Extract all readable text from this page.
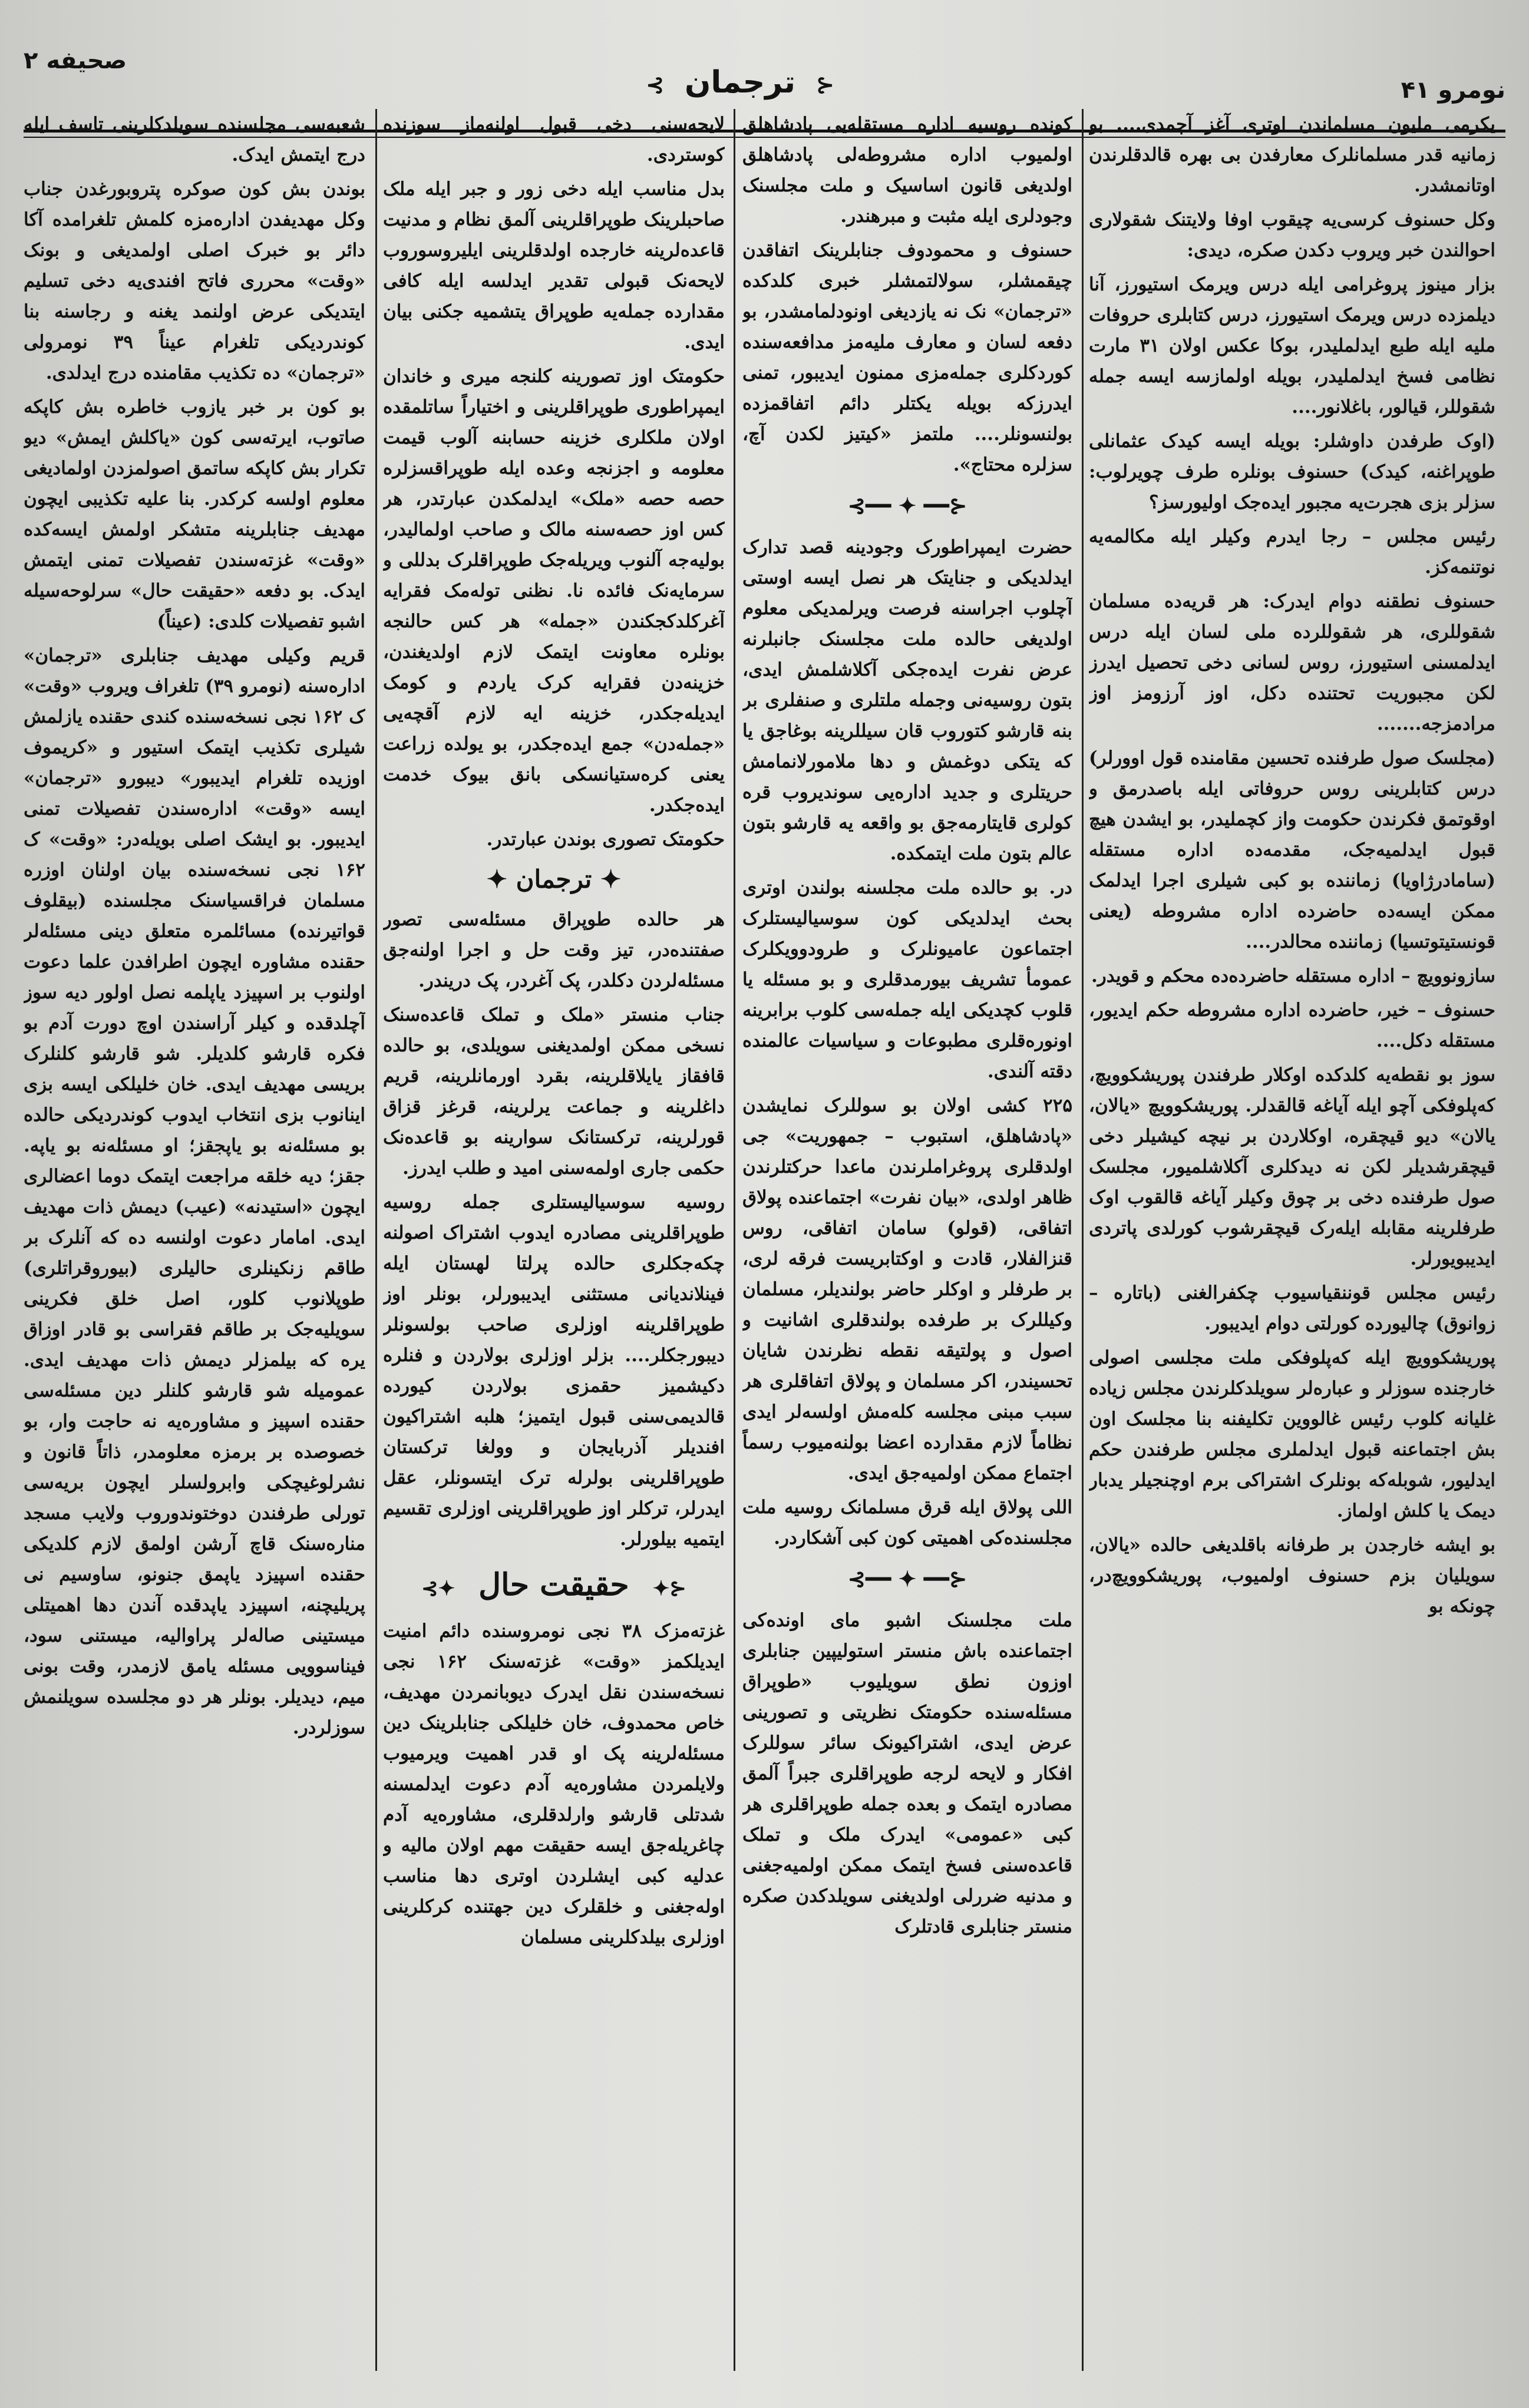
صحیفه ۲
⊰ ترجمان ⊱	نومرو ۴۱

یکرمی ملیون مسلماندن اوتری آغز آچمدی.... بو زمانیه قدر مسلمانلرک معارفدن بی بهره قالدقلرندن اوتانمشدر.

وکل حسنوف کرسی‌یه چیقوب اوفا ولایتنک شقولاری احوالندن خبر ویروب دکدن صکره، دیدی:

بزار مینوز پروغرامی ایله درس ویرمک استیورز، آنا دیلمزده درس ویرمک استیورز، درس کتابلری حروفات ملیه ایله طبع ایدلملیدر، بوکا عکس اولان ۳۱ مارت نظامی فسخ ایدلملیدر، بویله اولمازسه ایسه جمله شقوللر، قیالور، باغلانور....

(اوک طرفدن داوشلر: بویله ایسه کیدک عثمانلی طوپراغنه، کیدک) حسنوف بونلره طرف چویرلوب: سزلر بزی هجرت‌یه مجبور ایدەجک اولیورسز؟

رئیس مجلس – رجا ایدرم وکیلر ایله مکالمه‌یه نوتنمه‌کز.

حسنوف نطقنه دوام ایدرک: هر قریه‌ده مسلمان شقوللری، هر شقوللرده ملی لسان ایله درس ایدلمسنی استیورز، روس لسانی دخی تحصیل ایدرز لکن مجبوریت تحتنده دکل، اوز آرزومز اوز مرادمزجه.......

(مجلسک صول طرفنده تحسین مقامنده قول اوورلر) درس کتابلرینی روس حروفاتی ایله باصدرمق و اوقوتمق فکرندن حکومت واز کچملیدر، بو ایشدن هیچ قبول ایدلمیه‌جک، مقدمه‌ده اداره مستقله (سامادرژاویا) زماننده بو کبی شیلری اجرا ایدلمک ممکن ایسه‌ده حاضرده اداره مشروطه (یعنی قونستیتوتسیا) زماننده محالدر....

سازونوویچ – اداره مستقله حاضرده‌ده محکم و قویدر.

حسنوف – خیر، حاضرده اداره مشروطه حکم ایدیور، مستقله دکل....

سوز بو نقطه‌یه کلدکده اوکلار طرفندن پوریشکوویچ، که‌پلوفکی آچو ایله آیاغه قالقدلر. پوریشکوویچ «یالان، یالان» دیو قیچقره، اوکلاردن بر نیچه کیشیلر دخی قیچقرشدیلر لکن نه دیدکلری آکلاشلمیور، مجلسک صول طرفنده دخی بر چوق وکیلر آیاغه قالقوب اوک طرفلرینه مقابله ایله‌رک قیچقرشوب کورلدی پاتردی ایدیبویورلر.

رئیس مجلس قوننقیاسیوب چکفرالغنی (باتاره – زوانوق) چالیورده کورلتی دوام ایدیبور.

پوریشکوویچ ایله که‌پلوفکی ملت مجلسی اصولی خارجنده سوزلر و عبارەلر سویلدکلرندن مجلس زیاده غلیانه کلوب رئیس غالووین تکلیفنه بنا مجلسک اون بش اجتماعنه قبول ایدلملری مجلس طرفندن حکم ایدلیور، شوبلەکه بونلرک اشتراکی برم اوچنجیلر یدبار دیمک یا کلش اولماز.

بو ایشه خارجدن بر طرفانه باقلدیغی حالده «یالان، سویلیان بزم حسنوف اولمیوب، پوریشکوویچ‌در، چونکه بو

کونده روسیه اداره مستقله‌یی پادشاهلق اولمیوب اداره مشروطه‌لی پادشاهلق اولدیغی قانون اساسیک و ملت مجلسنک وجودلری ایله مثبت و مبرهندر.

حسنوف و محمودوف جنابلرینک اتفاقدن چیقمشلر، سولالتمشلر خبری کلدکده «ترجمان» نک نه یازدیغی اونودلمامشدر، بو دفعه لسان و معارف ملیه‌مز مدافعه‌سنده کوردکلری جملەمزی ممنون ایدیبور، تمنی ایدرزکه بویله یکتلر دائم اتفاقمزده بولنسونلر.... ملتمز «کیتیز لکدن آچ، سزلره محتاج».

⊰━━ ✦ ━━⊱

حضرت ایمپراطورک وجودینه قصد تدارک ایدلدیکی و جنایتک هر نصل ایسه اوستی آچلوب اجراسنه فرصت ویرلمدیکی معلوم اولدیغی حالده ملت مجلسنک جانبلرنه عرض نفرت ایده‌جکی آکلاشلمش ایدی، بتون روسیه‌نی وجمله ملتلری و صنفلری بر بنه قارشو کتوروب قان سیللرینه بوغاجق یا که یتکی دوغمش و دها ملامورلانمامش حریتلری و جدید اداره‌یی سوندیروب قره کولری قایتارمه‌جق بو واقعه یه قارشو بتون عالم بتون ملت ایتمکده.

در. بو حالده ملت مجلسنه بولندن اوتری بحث ایدلدیکی کون سوسیالیستلرک اجتماعون عامیونلرک و طرودوویکلرک عمومأ تشریف بیورمدقلری و بو مسئله یا قلوب کچدیکی ایله جملەسی کلوب برابرینه اونورەقلری مطبوعات و سیاسیات عالمنده دقته آلندی.

۲۲۵ کشی اولان بو سوللرک نمایشدن «پادشاهلق، استبوب – جمهوریت» جی اولدقلری پروغراملرندن ماعدا حرکتلرندن ظاهر اولدی، «بیان نفرت» اجتماعنده پولاق اتفاقی، (قولو) سامان اتفاقی، روس قنزالفلار، قادت و اوکتابریست فرقه لری، بر طرفلر و اوکلر حاضر بولندیلر، مسلمان وکیللرک بر طرفده بولندقلری اشانیت و اصول و پولتیقه نقطه نظرندن شایان تحسیندر، اکر مسلمان و پولاق اتفاقلری هر سبب مبنی مجلسه کله‌مش اولسه‌لر ایدی نظاماً لازم مقدارده اعضا بولنه‌میوب رسماً اجتماع ممکن اولمیه‌جق ایدی.

اللی پولاق ایله قرق مسلمانک روسیه ملت مجلسنده‌کی اهمیتی کون کبی آشکاردر.

⊰━━ ✦ ━━⊱

ملت مجلسنک اشبو مای اونده‌کی اجتماعنده باش منستر استولیپین جنابلری اوزون نطق سویلیوب «طوپراق مسئله‌سنده حکومتک نظریتی و تصورینی عرض ایدی، اشتراکیونک سائر سوللرک افکار و لایحه لرجه طوپراقلری جبراً آلمق مصادره ایتمک و بعده جمله طوپراقلری هر کبی «عمومی» ایدرک ملک و تملک قاعده‌سنی فسخ ایتمک ممکن اولمیه‌جغنی و مدنیه ضررلی اولدیغنی سویلدکدن صکره منستر جنابلری قادتلرک

لایحەسنی دخی قبول اولنه‌ماز سوزنده کوستردی.

بدل مناسب ایله دخی زور و جبر ایله ملک صاحبلرینک طوپراقلرینی آلمق نظام و مدنیت قاعده‌لرینه خارجده اولدقلرینی ایلیروسوروب لایحەنک قبولی تقدیر ایدلسه ایله کافی مقدارده جملەیه طوپراق یتشمیه جکنی بیان ایدی.

حکومتک اوز تصورینه کلنجه میری و خاندان ایمپراطوری طوپراقلرینی و اختیاراً ساتلمقده اولان ملکلری خزینه حسابنه آلوب قیمت معلومه و اجزنجه وعده ایله طوپراقسزلره حصه حصه «ملک» ایدلمکدن عبارتدر، هر کس اوز حصه‌سنه مالک و صاحب اولمالیدر، بولیه‌جه آلنوب ویریلەجک طوپراقلرک بدللی و سرمایەنک فائده نا. نظنی تولەمک فقرایه آغرکلدکجکندن «جمله» هر کس حالنجه بونلره معاونت ایتمک لازم اولدیغندن، خزینه‌دن فقرایه کرک یاردم و کومک ایدیلەجکدر، خزینه ایه لازم آقچەیی «جملەدن» جمع ایدەجکدر، بو یولده زراعت یعنی کرەستیانسکی بانق بیوک خدمت ایدەجکدر.

حکومتک تصوری بوندن عبارتدر.

✦ ترجمان ✦

هر حالده طوپراق مسئلەسی تصور صفتنده‌در، تیز وقت حل و اجرا اولنه‌جق مسئلەلردن دکلدر، پک آغردر، پک دریندر.

جناب منستر «ملک و تملک قاعده‌سنک نسخی ممکن اولمدیغنی سویلدی، بو حالده قافقاز یایلاقلرینه، بقرد اورمانلرینه، قریم داغلرینه و جماعت یرلرینه، قرغز قزاق قورلرینه، ترکستانک سوارینه بو قاعدەنک حکمی جاری اولمه‌سنی امید و طلب ایدرز.

روسیه سوسیالیستلری جمله روسیه طوپراقلرینی مصادره ایدوب اشتراک اصولنه چکەجکلری حالده پرلتا لهستان ایله فینلاندیانی مستثنی ایدیبورلر، بونلر اوز طوپراقلرینه اوزلری صاحب بولسونلر دیبورجکلر.... بزلر اوزلری بولاردن و فنلره دکیشمیز حقمزی بولاردن کیورده قالدیمی‌سنی قبول ایتمیز؛ هلبه اشتراکیون افندیلر آذربایجان و وولغا ترکستان طوپراقلرینی بولرله ترک ایتسونلر، عقل ایدرلر، ترکلر اوز طوپراقلرینی اوزلری تقسیم ایتمیه بیلورلر.

⊰✦ حقیقت حال ✦⊱

غزتەمزک ۳۸ نجی نومروسنده دائم امنیت ایدیلکمز «وقت» غزتەسنک ۱۶۲ نجی نسخەسندن نقل ایدرک دیوبانمردن مهدیف، خاص محمدوف، خان خلیلکی جنابلرینک دین مسئله‌لرینه پک او قدر اهمیت ویرمیوب ولایلمردن مشاورەیه آدم دعوت ایدلمسنه شدتلی قارشو وارلدقلری، مشاورەیه آدم چاغریلەجق ایسه حقیقت مهم اولان مالیه و عدلیه کبی ایشلردن اوتری دها مناسب اولەجغنی و خلقلرک دین جهتنده کرکلرینی اوزلری بیلدکلرینی مسلمان

شعبه‌سی مجلسنده سویلدکلرینی تاسف ایله درج ایتمش ایدک.

بوندن بش کون صوکره پتروبورغدن جناب وکل مهدیفدن ادارەمزه کلمش تلغرامده آکا دائر بو خبرک اصلی اولمدیغی و بونک «وقت» محرری فاتح افندی‌یه دخی تسلیم ایتدیکی عرض اولنمد یغنه و رجاسنه بنا کوندردیکی تلغرام عیناً ۳۹ نومرولی «ترجمان» ده تکذیب مقامنده درج ایدلدی.

بو کون بر خبر یازوب خاطره بش کاپکه صاتوب، ایرتەسی کون «یاکلش ایمش» دیو تکرار بش کاپکه ساتمق اصولمزدن اولمادیغی معلوم اولسه کرکدر. بنا علیه تکذیبی ایچون مهدیف جنابلرینه متشکر اولمش ایسەکده «وقت» غزتەسندن تفصیلات تمنی ایتمش ایدک. بو دفعه «حقیقت حال» سرلوحەسیله اشبو تفصیلات کلدی: (عیناً)

قریم وکیلی مهدیف جنابلری «ترجمان» ادارەسنه (نومرو ۳۹) تلغراف ویروب «وقت» ک ۱۶۲ نجی نسخەسنده کندی حقنده یازلمش شیلری تکذیب ایتمک استیور و «کریموف اوزیده تلغرام ایدیبور» دیبورو «ترجمان» ایسه «وقت» ادارەسندن تفصیلات تمنی ایدیبور. بو ایشک اصلی بویله‌در: «وقت» ک ۱۶۲ نجی نسخەسنده بیان اولنان اوزره مسلمان فراقسیاسنک مجلسنده (بیقلوف قواتیرنده) مسائلمره متعلق دینی مسئلەلر حقنده مشاوره ایچون اطرافدن علما دعوت اولنوب بر اسپیزد یاپلمه نصل اولور دیه سوز آچلدقده و کیلر آراسندن اوچ دورت آدم بو فکره قارشو کلدیلر. شو قارشو کلنلرک بریسی مهدیف ایدی. خان خلیلکی ایسه بزی اینانوب بزی انتخاب ایدوب کوندردیکی حالده بو مسئلەنه بو یاپجقز؛ او مسئلەنه بو یاپه. جقز؛ دیه خلقه مراجعت ایتمک دوما اعضالری ایچون «استیدنه» (عیب) دیمش ذات مهدیف ایدی. امامار دعوت اولنسه ده که آنلرک بر طاقم زنکینلری حالیلری (بیوروقراتلری) طوپلانوب کلور، اصل خلق فکرینی سویلیەجک بر طاقم فقراسی بو قادر اوزاق یره که بیلمزلر دیمش ذات مهدیف ایدی. عمومیله شو قارشو کلنلر دین مسئلەسی حقنده اسپیز و مشاوره‌یه نه حاجت وار، بو خصوصده بر برمزه معلومدر، ذاتاً قانون و نشرلوغیچکی وابرولسلر ایچون بریه‌سی تورلی طرفندن دوختوندوروب ولایب مسجد منارەسنک قاچ آرشن اولمق لازم کلدیکی حقنده اسپیزد یاپمق جنونو، ساوسیم نی پریلیچنه، اسپیزد یاپدقده آندن دها اهمیتلی میستینی صالەلر پراوالیه، میستنی سود، فیناسوویی مسئله یامق لازمدر، وقت بونی میم، دیدیلر. بونلر هر دو مجلسده سویلنمش سوزلردر.
